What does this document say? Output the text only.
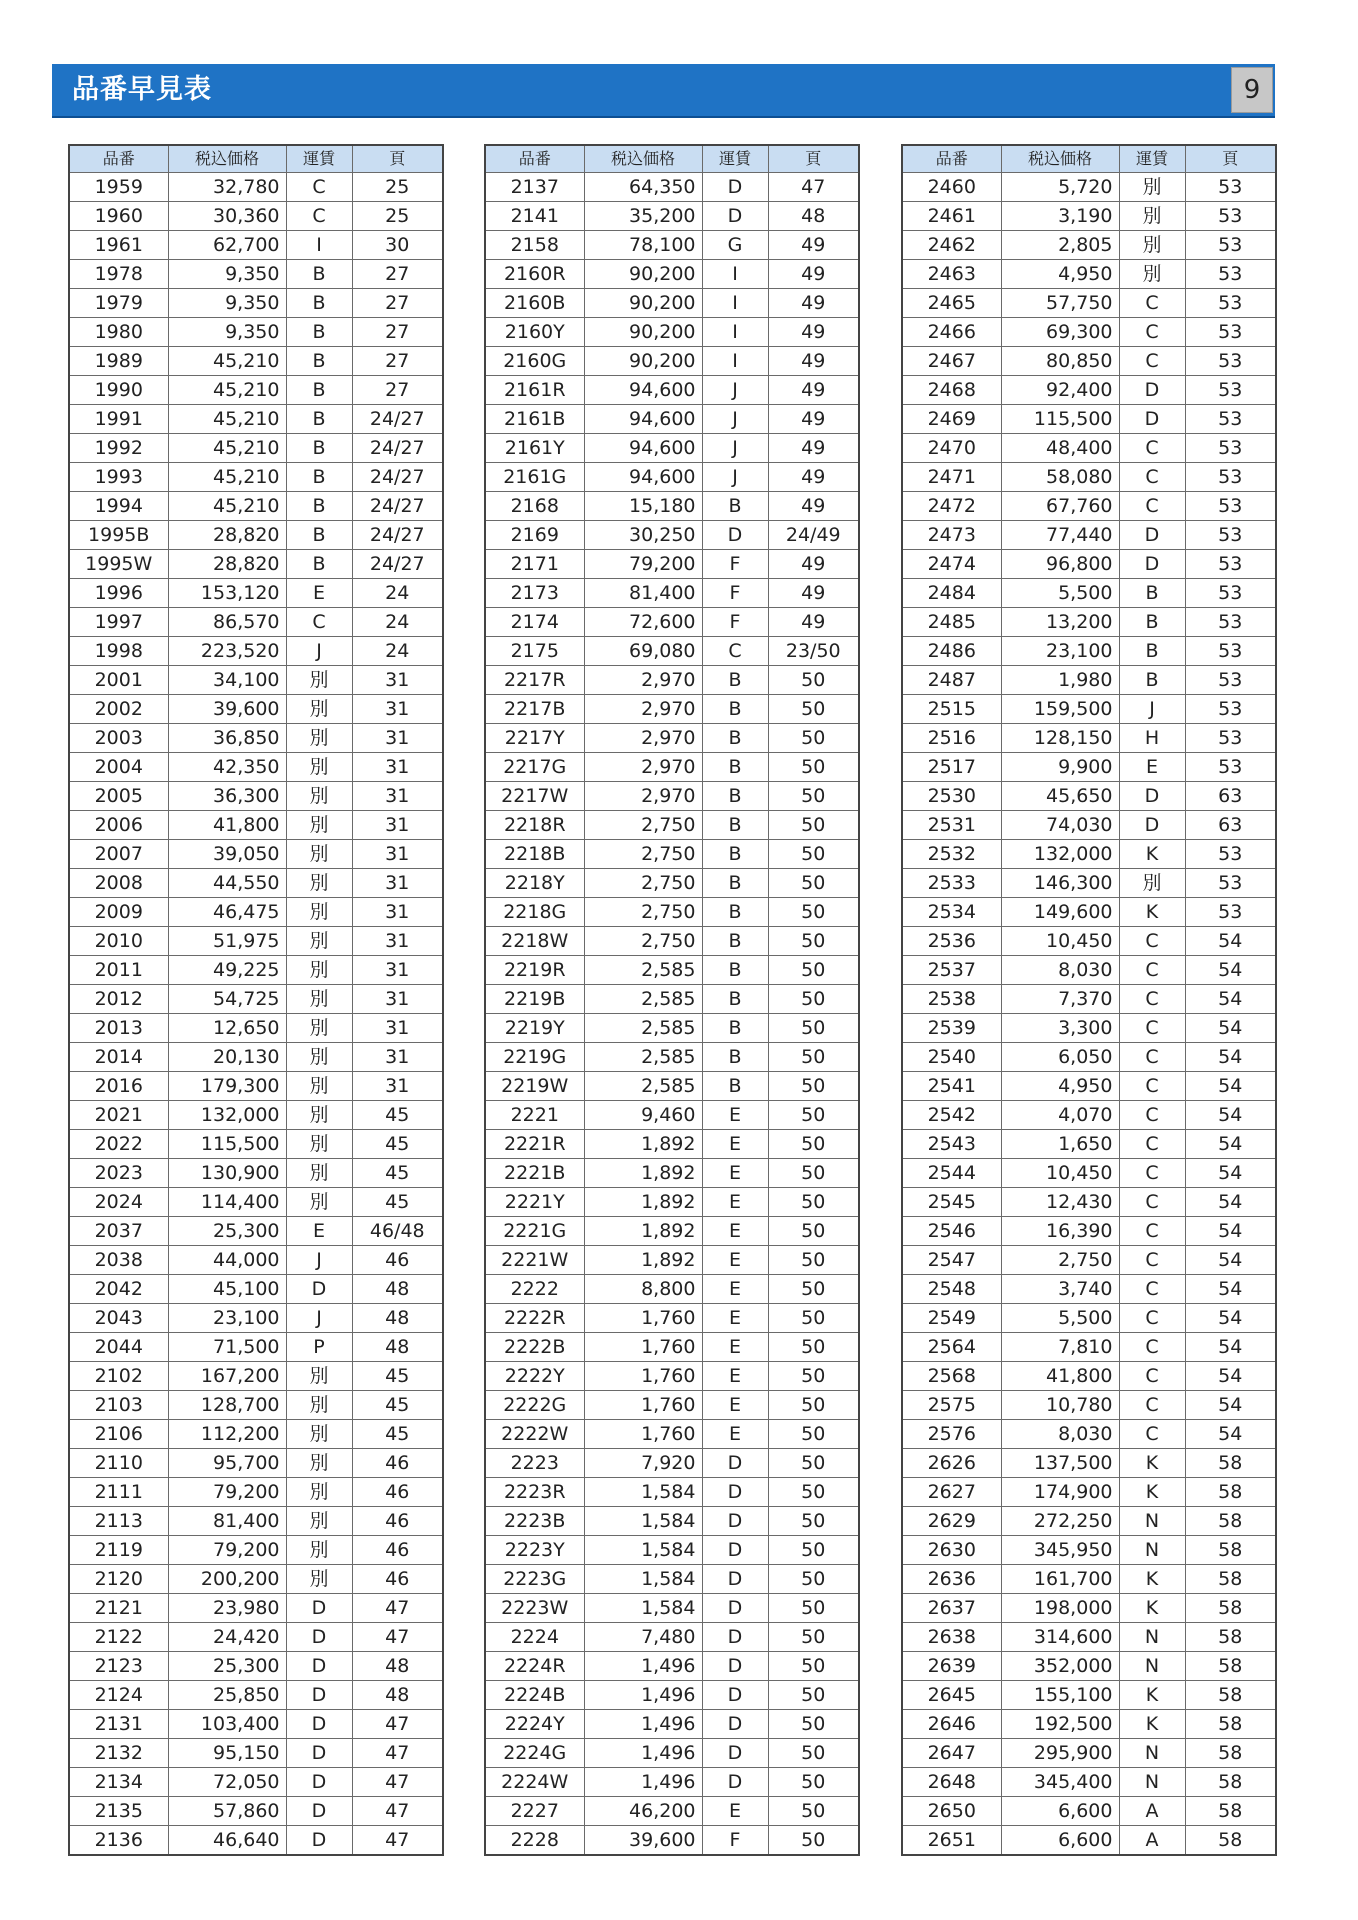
品番早見表	9
品番	税込価格	運賃	頁
1959	32,780	C	25
1960	30,360	C	25
1961	62,700	I	30
1978	9,350	B	27
1979	9,350	B	27
1980	9,350	B	27
1989	45,210	B	27
1990	45,210	B	27
1991	45,210	B	24/27
1992	45,210	B	24/27
1993	45,210	B	24/27
1994	45,210	B	24/27
1995B	28,820	B	24/27
1995W	28,820	B	24/27
1996	153,120	E	24
1997	86,570	C	24
1998	223,520	J	24
2001	34,100	別	31
2002	39,600	別	31
2003	36,850	別	31
2004	42,350	別	31
2005	36,300	別	31
2006	41,800	別	31
2007	39,050	別	31
2008	44,550	別	31
2009	46,475	別	31
2010	51,975	別	31
2011	49,225	別	31
2012	54,725	別	31
2013	12,650	別	31
2014	20,130	別	31
2016	179,300	別	31
2021	132,000	別	45
2022	115,500	別	45
2023	130,900	別	45
2024	114,400	別	45
2037	25,300	E	46/48
2038	44,000	J	46
2042	45,100	D	48
2043	23,100	J	48
2044	71,500	P	48
2102	167,200	別	45
2103	128,700	別	45
2106	112,200	別	45
2110	95,700	別	46
2111	79,200	別	46
2113	81,400	別	46
2119	79,200	別	46
2120	200,200	別	46
2121	23,980	D	47
2122	24,420	D	47
2123	25,300	D	48
2124	25,850	D	48
2131	103,400	D	47
2132	95,150	D	47
2134	72,050	D	47
2135	57,860	D	47
2136	46,640	D	47
品番	税込価格	運賃	頁
2137	64,350	D	47
2141	35,200	D	48
2158	78,100	G	49
2160R	90,200	I	49
2160B	90,200	I	49
2160Y	90,200	I	49
2160G	90,200	I	49
2161R	94,600	J	49
2161B	94,600	J	49
2161Y	94,600	J	49
2161G	94,600	J	49
2168	15,180	B	49
2169	30,250	D	24/49
2171	79,200	F	49
2173	81,400	F	49
2174	72,600	F	49
2175	69,080	C	23/50
2217R	2,970	B	50
2217B	2,970	B	50
2217Y	2,970	B	50
2217G	2,970	B	50
2217W	2,970	B	50
2218R	2,750	B	50
2218B	2,750	B	50
2218Y	2,750	B	50
2218G	2,750	B	50
2218W	2,750	B	50
2219R	2,585	B	50
2219B	2,585	B	50
2219Y	2,585	B	50
2219G	2,585	B	50
2219W	2,585	B	50
2221	9,460	E	50
2221R	1,892	E	50
2221B	1,892	E	50
2221Y	1,892	E	50
2221G	1,892	E	50
2221W	1,892	E	50
2222	8,800	E	50
2222R	1,760	E	50
2222B	1,760	E	50
2222Y	1,760	E	50
2222G	1,760	E	50
2222W	1,760	E	50
2223	7,920	D	50
2223R	1,584	D	50
2223B	1,584	D	50
2223Y	1,584	D	50
2223G	1,584	D	50
2223W	1,584	D	50
2224	7,480	D	50
2224R	1,496	D	50
2224B	1,496	D	50
2224Y	1,496	D	50
2224G	1,496	D	50
2224W	1,496	D	50
2227	46,200	E	50
2228	39,600	F	50
品番	税込価格	運賃	頁
2460	5,720	別	53
2461	3,190	別	53
2462	2,805	別	53
2463	4,950	別	53
2465	57,750	C	53
2466	69,300	C	53
2467	80,850	C	53
2468	92,400	D	53
2469	115,500	D	53
2470	48,400	C	53
2471	58,080	C	53
2472	67,760	C	53
2473	77,440	D	53
2474	96,800	D	53
2484	5,500	B	53
2485	13,200	B	53
2486	23,100	B	53
2487	1,980	B	53
2515	159,500	J	53
2516	128,150	H	53
2517	9,900	E	53
2530	45,650	D	63
2531	74,030	D	63
2532	132,000	K	53
2533	146,300	別	53
2534	149,600	K	53
2536	10,450	C	54
2537	8,030	C	54
2538	7,370	C	54
2539	3,300	C	54
2540	6,050	C	54
2541	4,950	C	54
2542	4,070	C	54
2543	1,650	C	54
2544	10,450	C	54
2545	12,430	C	54
2546	16,390	C	54
2547	2,750	C	54
2548	3,740	C	54
2549	5,500	C	54
2564	7,810	C	54
2568	41,800	C	54
2575	10,780	C	54
2576	8,030	C	54
2626	137,500	K	58
2627	174,900	K	58
2629	272,250	N	58
2630	345,950	N	58
2636	161,700	K	58
2637	198,000	K	58
2638	314,600	N	58
2639	352,000	N	58
2645	155,100	K	58
2646	192,500	K	58
2647	295,900	N	58
2648	345,400	N	58
2650	6,600	A	58
2651	6,600	A	58
